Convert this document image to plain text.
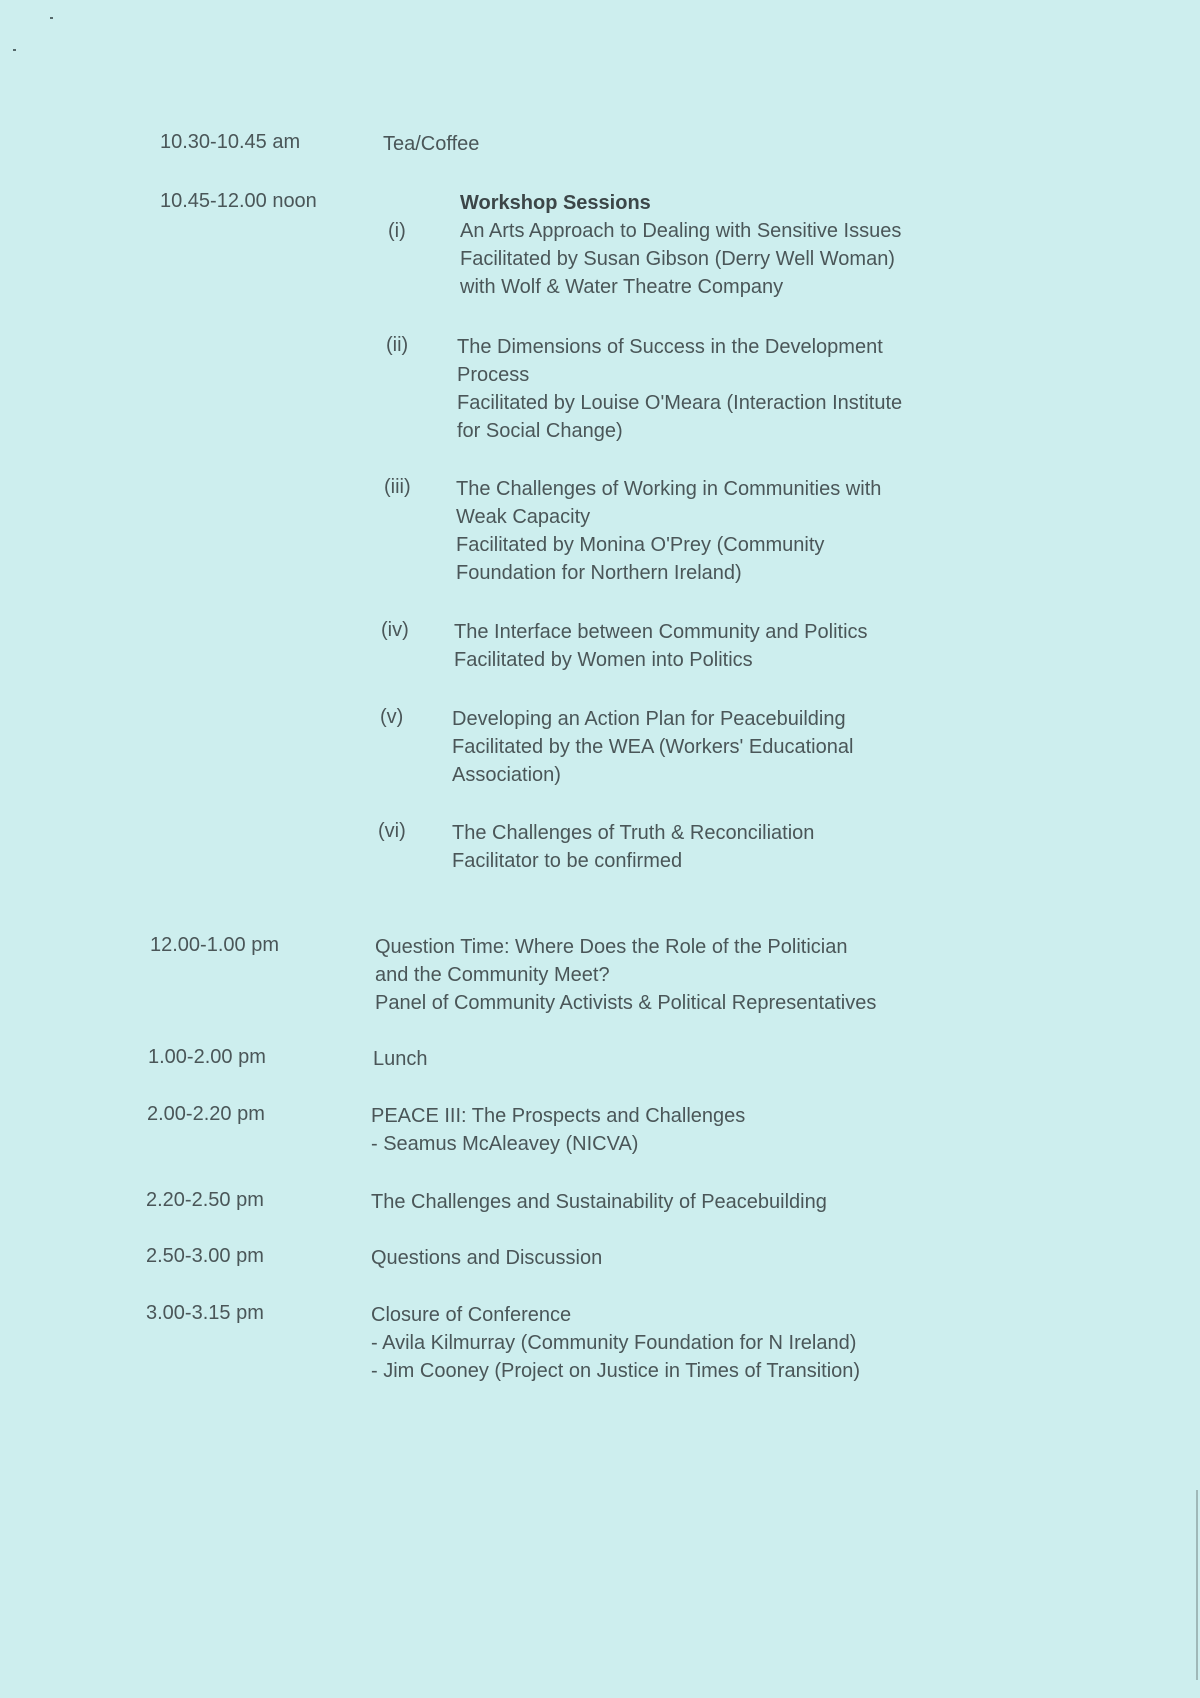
10.30-10.45 am	Tea/Coffee
10.45-12.00 noon	Workshop Sessions
(i)	An Arts Approach to Dealing with Sensitive Issues
Facilitated by Susan Gibson (Derry Well Woman)
with Wolf & Water Theatre Company
(ii) The Dimensions of Success in the Development
Process
Facilitated by Louise O'Meara (Interaction Institute
for Social Change)
(iii) The Challenges of Working in Communities with
Weak Capacity
Facilitated by Monina O'Prey (Community
Foundation for Northern Ireland)
(iv) The Interface between Community and Politics
Facilitated by Women into Politics
(v) Developing an Action Plan for Peacebuilding
Facilitated by the WEA (Workers' Educational
Association)
(vi) The Challenges of Truth & Reconciliation
Facilitator to be confirmed
12.00-1.00 pm	Question Time: Where Does the Role of the Politician
and the Community Meet?
Panel of Community Activists & Political Representatives
1.00-2.00 pm	Lunch
2.00-2.20 pm	PEACE III: The Prospects and Challenges
- Seamus McAleavey (NICVA)
2.20-2.50 pm	The Challenges and Sustainability of Peacebuilding
2.50-3.00 pm	Questions and Discussion
3.00-3.15 pm	Closure of Conference
- Avila Kilmurray (Community Foundation for N Ireland)
- Jim Cooney (Project on Justice in Times of Transition)
